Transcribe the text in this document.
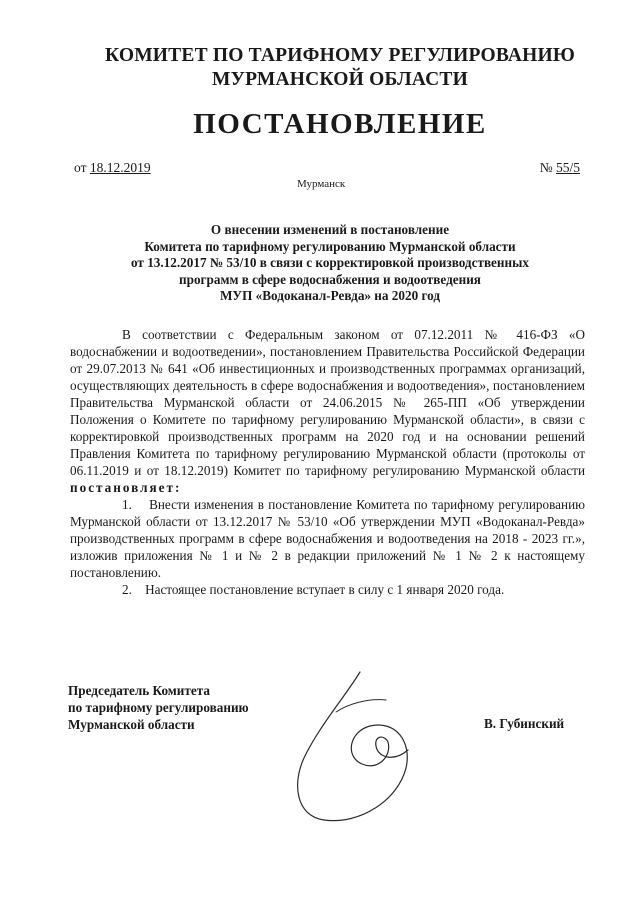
КОМИТЕТ ПО ТАРИФНОМУ РЕГУЛИРОВАНИЮ
МУРМАНСКОЙ ОБЛАСТИ
ПОСТАНОВЛЕНИЕ
от 18.12.2019	№ 55/5
Мурманск
О внесении изменений в постановление
Комитета по тарифному регулированию Мурманской области
от 13.12.2017 № 53/10 в связи с корректировкой производственных
программ в сфере водоснабжения и водоотведения
МУП «Водоканал-Ревда» на 2020 год

В соответствии с Федеральным законом от 07.12.2011 № 416-ФЗ «О водоснабжении и водоотведении», постановлением Правительства Российской Федерации от 29.07.2013 № 641 «Об инвестиционных и производственных программах организаций, осуществляющих деятельность в сфере водоснабжения и водоотведения», постановлением Правительства Мурманской области от 24.06.2015 № 265-ПП «Об утверждении Положения о Комитете по тарифному регулированию Мурманской области», в связи с корректировкой производственных программ на 2020 год и на основании решений Правления Комитета по тарифному регулированию Мурманской области (протоколы от 06.11.2019 и от 18.12.2019) Комитет по тарифному регулированию Мурманской области постановляет:

1. Внести изменения в постановление Комитета по тарифному регулированию Мурманской области от 13.12.2017 № 53/10 «Об утверждении МУП «Водоканал-Ревда» производственных программ в сфере водоснабжения и водоотведения на 2018 - 2023 гг.», изложив приложения № 1 и № 2 в редакции приложений № 1 № 2 к настоящему постановлению.

2. Настоящее постановление вступает в силу с 1 января 2020 года.

Председатель Комитета
по тарифному регулированию
Мурманской области	В. Губинский
